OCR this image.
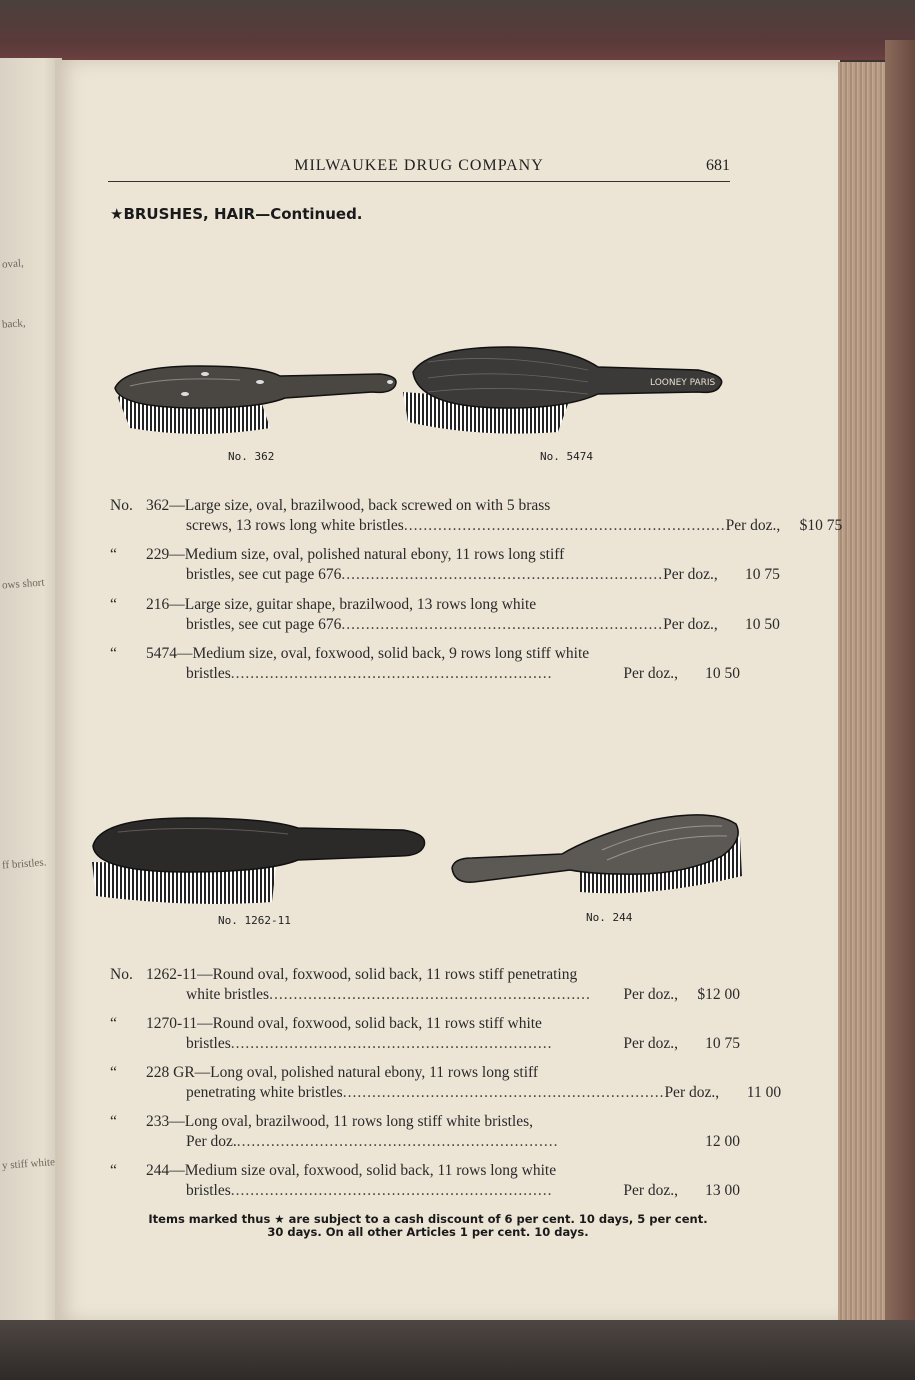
oval,
back,
ows short
ff bristles.
y stiff white
MILWAUKEE DRUG COMPANY	681
★BRUSHES, HAIR—Continued.
LOONEY PARIS
No. 362	No. 5474
No. 362—Large size, oval, brazilwood, back screwed on with 5 brass
screws, 13 rows long white bristles .................................................................. Per doz.,	$10 75
“	229—Medium size, oval, polished natural ebony, 11 rows long stiff
bristles, see cut page 676 .................................................................. Per doz.,	10 75
“	216—Large size, guitar shape, brazilwood, 13 rows long white
bristles, see cut page 676 .................................................................. Per doz.,	10 50
“	5474—Medium size, oval, foxwood, solid back, 9 rows long stiff white
bristles ..................................................................	Per doz.,	10 50
No. 1262-11	No. 244
No. 1262-11—Round oval, foxwood, solid back, 11 rows stiff penetrating
white bristles ..................................................................	Per doz.,	$12 00
“	1270-11—Round oval, foxwood, solid back, 11 rows stiff white
bristles ..................................................................	Per doz.,	10 75
“	228 GR—Long oval, polished natural ebony, 11 rows long stiff
penetrating white bristles .................................................................. Per doz.,	11 00
“	233—Long oval, brazilwood, 11 rows long stiff white bristles,
Per doz. ..................................................................	12 00
“	244—Medium size oval, foxwood, solid back, 11 rows long white
bristles ..................................................................	Per doz.,	13 00
Items marked thus ★ are subject to a cash discount of 6 per cent. 10 days, 5 per cent.
30 days. On all other Articles 1 per cent. 10 days.
